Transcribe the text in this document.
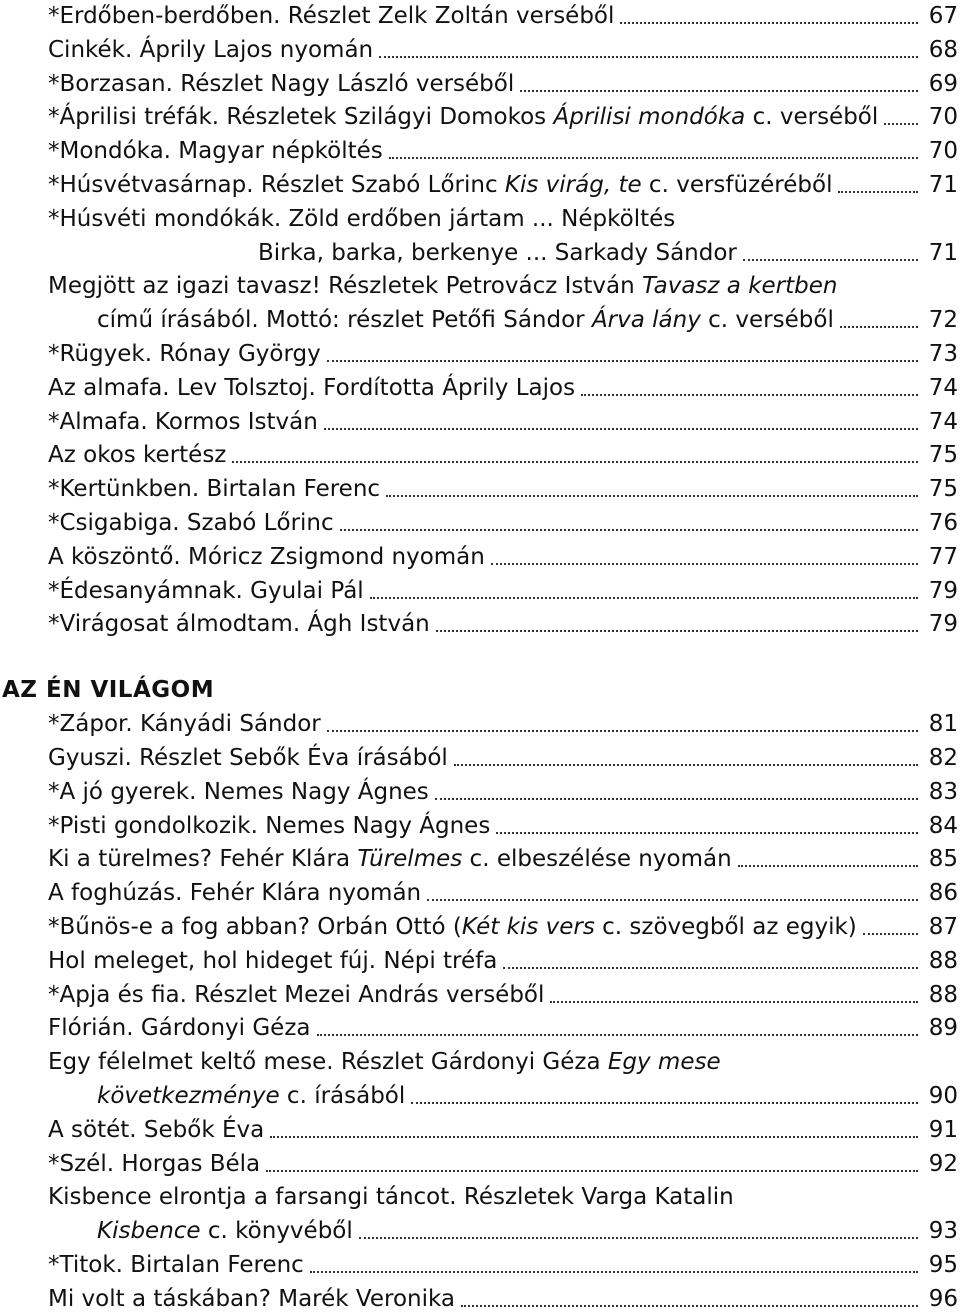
*Erdőben-berdőben. Részlet Zelk Zoltán verséből	67
Cinkék. Áprily Lajos nyomán	68
*Borzasan. Részlet Nagy László verséből	69
*Áprilisi tréfák. Részletek Szilágyi Domokos Áprilisi mondóka c. verséből	70
*Mondóka. Magyar népköltés	70
*Húsvétvasárnap. Részlet Szabó Lőrinc Kis virág, te c. versfüzéréből	71
*Húsvéti mondókák. Zöld erdőben jártam ... Népköltés
Birka, barka, berkenye ... Sarkady Sándor	71
Megjött az igazi tavasz! Részletek Petrovácz István Tavasz a kertben
című írásából. Mottó: részlet Petőfi Sándor Árva lány c. verséből	72
*Rügyek. Rónay György	73
Az almafa. Lev Tolsztoj. Fordította Áprily Lajos	74
*Almafa. Kormos István	74
Az okos kertész	75
*Kertünkben. Birtalan Ferenc	75
*Csigabiga. Szabó Lőrinc	76
A köszöntő. Móricz Zsigmond nyomán	77
*Édesanyámnak. Gyulai Pál	79
*Virágosat álmodtam. Ágh István	79
AZ ÉN VILÁGOM
*Zápor. Kányádi Sándor	81
Gyuszi. Részlet Sebők Éva írásából	82
*A jó gyerek. Nemes Nagy Ágnes	83
*Pisti gondolkozik. Nemes Nagy Ágnes	84
Ki a türelmes? Fehér Klára Türelmes c. elbeszélése nyomán	85
A foghúzás. Fehér Klára nyomán	86
*Bűnös-e a fog abban? Orbán Ottó (Két kis vers c. szövegből az egyik)	87
Hol meleget, hol hideget fúj. Népi tréfa	88
*Apja és fia. Részlet Mezei András verséből	88
Flórián. Gárdonyi Géza	89
Egy félelmet keltő mese. Részlet Gárdonyi Géza Egy mese
következménye c. írásából	90
A sötét. Sebők Éva	91
*Szél. Horgas Béla	92
Kisbence elrontja a farsangi táncot. Részletek Varga Katalin
Kisbence c. könyvéből	93
*Titok. Birtalan Ferenc	95
Mi volt a táskában? Marék Veronika	96
